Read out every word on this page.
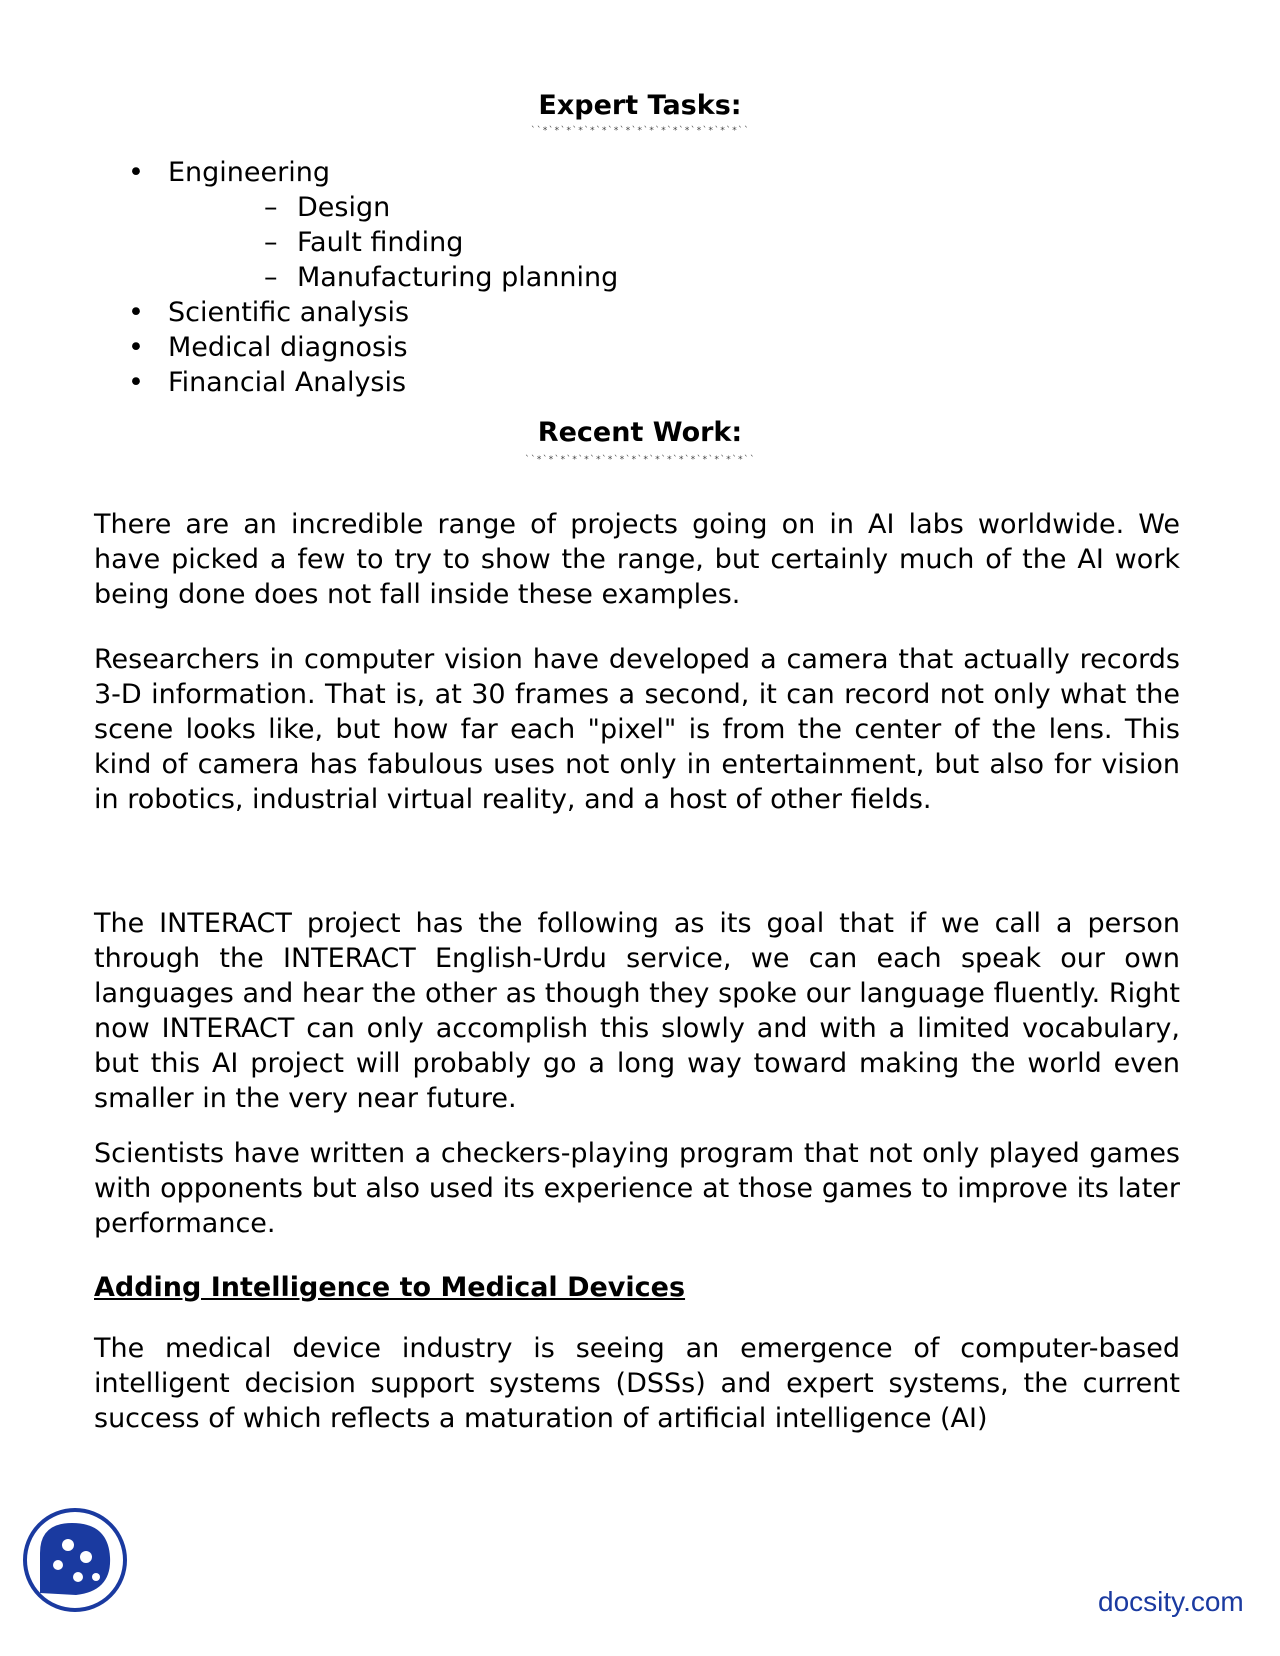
Expert Tasks:
``*`*`*`*`*`*`*`*`*`*`*`*`*`*`*`*`*``
• Engineering
– Design
– Fault finding
– Manufacturing planning
• Scientific analysis
• Medical diagnosis
• Financial Analysis
Recent Work:
``*`*`*`*`*`*`*`*`*`*`*`*`*`*`*`*`*`*``

There are an incredible range of projects going on in AI labs worldwide. We have picked a few to try to show the range, but certainly much of the AI work being done does not fall inside these examples.

Researchers in computer vision have developed a camera that actually records 3-D information. That is, at 30 frames a second, it can record not only what the scene looks like, but how far each "pixel" is from the center of the lens. This kind of camera has fabulous uses not only in entertainment, but also for vision in robotics, industrial virtual reality, and a host of other fields.

The INTERACT project has the following as its goal that if we call a person through the INTERACT English-Urdu service, we can each speak our own languages and hear the other as though they spoke our language fluently. Right now INTERACT can only accomplish this slowly and with a limited vocabulary, but this AI project will probably go a long way toward making the world even smaller in the very near future.

Scientists have written a checkers-playing program that not only played games with opponents but also used its experience at those games to improve its later performance.

Adding Intelligence to Medical Devices

The medical device industry is seeing an emergence of computer-based intelligent decision support systems (DSSs) and expert systems, the current success of which reflects a maturation of artificial intelligence (AI)

docsity.com
